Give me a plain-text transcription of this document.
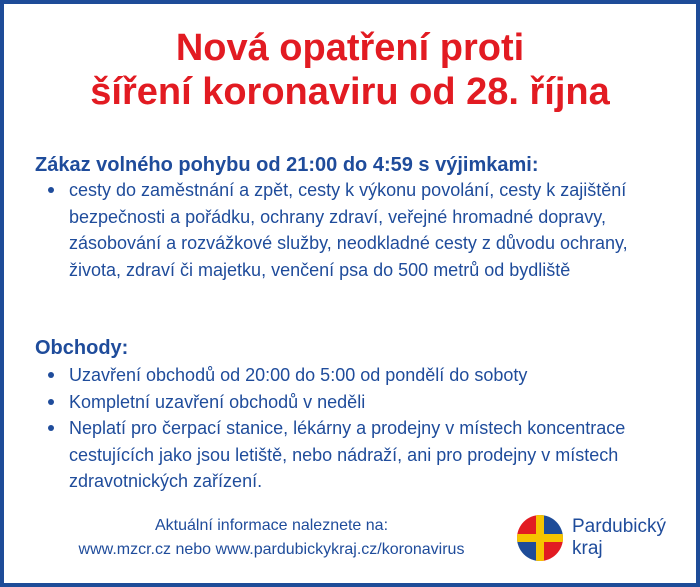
Nová opatření proti
šíření koronaviru od 28. října
Zákaz volného pohybu od 21:00 do 4:59 s výjimkami:
cesty do zaměstnání a zpět, cesty k výkonu povolání, cesty k zajištění bezpečnosti a pořádku, ochrany zdraví, veřejné hromadné dopravy, zásobování a rozvážkové služby, neodkladné cesty z důvodu ochrany, života, zdraví či majetku, venčení psa do 500 metrů od bydliště
Obchody:
Uzavření obchodů od 20:00 do 5:00 od pondělí do soboty
Kompletní uzavření obchodů v neděli
Neplatí pro čerpací stanice, lékárny a prodejny v místech koncentrace cestujících jako jsou letiště, nebo nádraží, ani pro prodejny v místech zdravotnických zařízení.
Aktuální informace naleznete na:
www.mzcr.cz nebo www.pardubickykraj.cz/koronavirus
Pardubický
kraj
